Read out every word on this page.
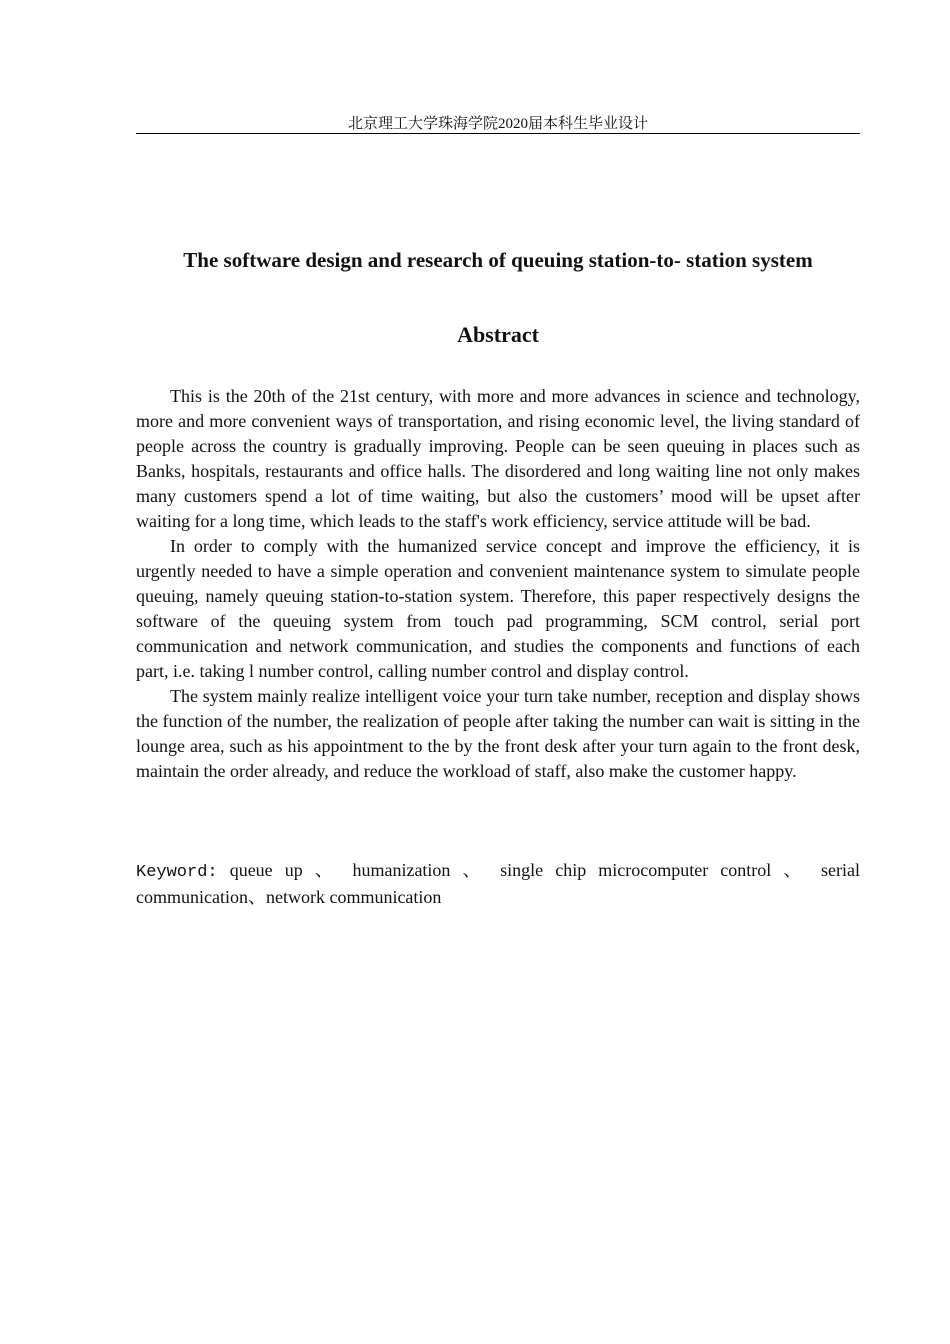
北京理工大学珠海学院2020届本科生毕业设计
The software design and research of queuing station-to- station system
Abstract

This is the 20th of the 21st century, with more and more advances in science and technology, more and more convenient ways of transportation, and rising economic level, the living standard of people across the country is gradually improving. People can be seen queuing in places such as Banks, hospitals, restaurants and office halls. The disordered and long waiting line not only makes many customers spend a lot of time waiting, but also the customers’ mood will be upset after waiting for a long time, which leads to the staff's work efficiency, service attitude will be bad.

In order to comply with the humanized service concept and improve the efficiency, it is urgently needed to have a simple operation and convenient maintenance system to simulate people queuing, namely queuing station-to-station system. Therefore, this paper respectively designs the software of the queuing system from touch pad programming, SCM control, serial port communication and network communication, and studies the components and functions of each part, i.e. taking l number control, calling number control and display control.

The system mainly realize intelligent voice your turn take number, reception and display shows the function of the number, the realization of people after taking the number can wait is sitting in the lounge area, such as his appointment to the by the front desk after your turn again to the front desk, maintain the order already, and reduce the workload of staff, also make the customer happy.

Keyword: queue up 、 humanization 、 single chip microcomputer control 、 serial communication、network communication
